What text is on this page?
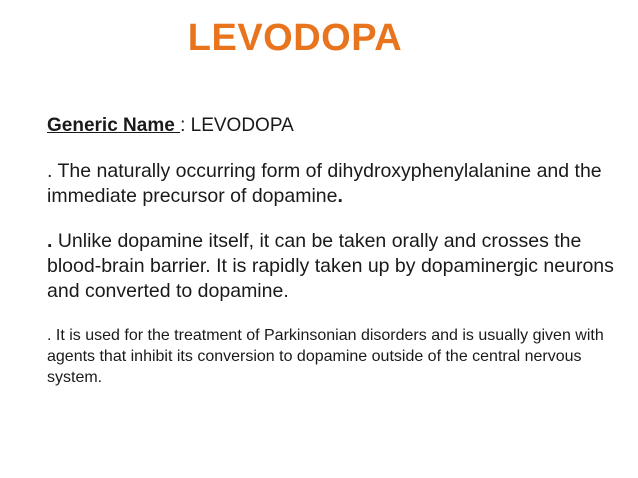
LEVODOPA

Generic Name : LEVODOPA

. The naturally occurring form of dihydroxyphenylalanine and the immediate precursor of dopamine.

. Unlike dopamine itself, it can be taken orally and crosses the blood-brain barrier. It is rapidly taken up by dopaminergic neurons and converted to dopamine.

. It is used for the treatment of Parkinsonian disorders and is usually given with agents that inhibit its conversion to dopamine outside of the central nervous system.
